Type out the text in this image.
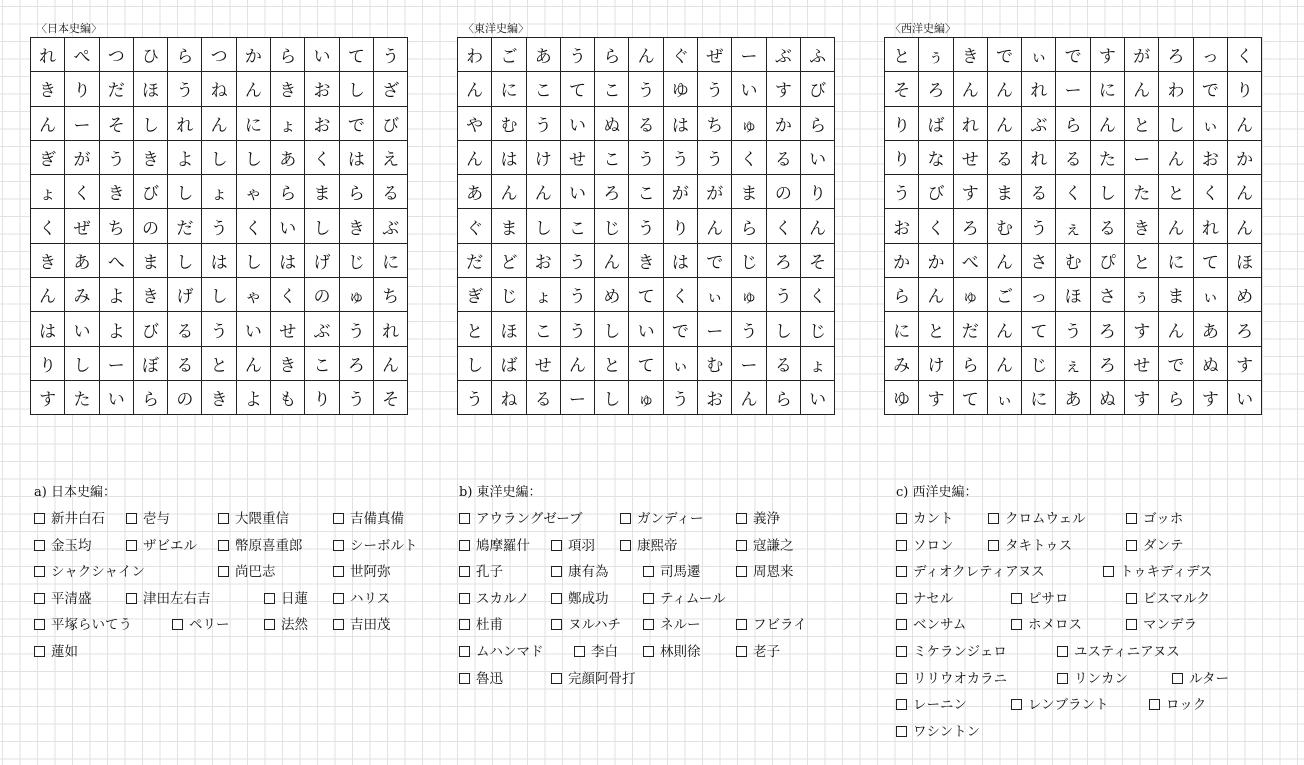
〈日本史編〉
れ	ぺ	つ	ひ	ら	つ	か	ら	い	て	う
き	り	だ	ほ	う	ね	ん	き	お	し	ざ
ん	ー	そ	し	れ	ん	に	ょ	お	で	び
ぎ	が	う	き	よ	し	し	あ	く	は	え
ょ	く	き	び	し	ょ	ゃ	ら	ま	ら	る
く	ぜ	ち	の	だ	う	く	い	し	き	ぶ
き	あ	へ	ま	し	は	し	は	げ	じ	に
ん	み	よ	き	げ	し	ゃ	く	の	ゅ	ち
は	い	よ	び	る	う	い	せ	ぶ	う	れ
り	し	ー	ぼ	る	と	ん	き	こ	ろ	ん
す	た	い	ら	の	き	よ	も	り	う	そ
〈東洋史編〉
わ	ご	あ	う	ら	ん	ぐ	ぜ	ー	ぶ	ふ
ん	に	こ	て	こ	う	ゆ	う	い	す	び
や	む	う	い	ぬ	る	は	ち	ゅ	か	ら
ん	は	け	せ	こ	う	う	う	く	る	い
あ	ん	ん	い	ろ	こ	が	が	ま	の	り
ぐ	ま	し	こ	じ	う	り	ん	ら	く	ん
だ	ど	お	う	ん	き	は	で	じ	ろ	そ
ぎ	じ	ょ	う	め	て	く	ぃ	ゅ	う	く
と	ほ	こ	う	し	い	で	ー	う	し	じ
し	ば	せ	ん	と	て	ぃ	む	ー	る	ょ
う	ね	る	ー	し	ゅ	う	お	ん	ら	い
〈西洋史編〉
と	ぅ	き	で	ぃ	で	す	が	ろ	っ	く
そ	ろ	ん	ん	れ	ー	に	ん	わ	で	り
り	ば	れ	ん	ぶ	ら	ん	と	し	ぃ	ん
り	な	せ	る	れ	る	た	ー	ん	お	か
う	び	す	ま	る	く	し	た	と	く	ん
お	く	ろ	む	う	ぇ	る	き	ん	れ	ん
か	か	べ	ん	さ	む	ぴ	と	に	て	ほ
ら	ん	ゅ	ご	っ	ほ	さ	ぅ	ま	ぃ	め
に	と	だ	ん	て	う	ろ	す	ん	あ	ろ
み	け	ら	ん	じ	ぇ	ろ	せ	で	ぬ	す
ゆ	す	て	ぃ	に	あ	ぬ	す	ら	す	い
a) 日本史編：
新井白石	壱与	大隈重信	吉備真備
金玉均	ザビエル	幣原喜重郎	シーボルト
シャクシャイン	尚巴志	世阿弥
平清盛	津田左右吉	日蓮	ハリス
平塚らいてう	ペリー	法然	吉田茂
蓮如
b) 東洋史編：
アウラングゼーブ	ガンディー	義浄
鳩摩羅什	項羽	康熙帝	寇謙之
孔子	康有為	司馬遷	周恩来
スカルノ	鄭成功	ティムール
杜甫	ヌルハチ	ネルー	フビライ
ムハンマド	李白	林則徐	老子
魯迅	完顔阿骨打
c) 西洋史編：
カント	クロムウェル	ゴッホ
ソロン	タキトゥス	ダンテ
ディオクレティアヌス	トゥキディデス
ナセル	ピサロ	ビスマルク
ベンサム	ホメロス	マンデラ
ミケランジェロ	ユスティニアヌス
リリウオカラニ	リンカン	ルター
レーニン	レンブラント	ロック
ワシントン
